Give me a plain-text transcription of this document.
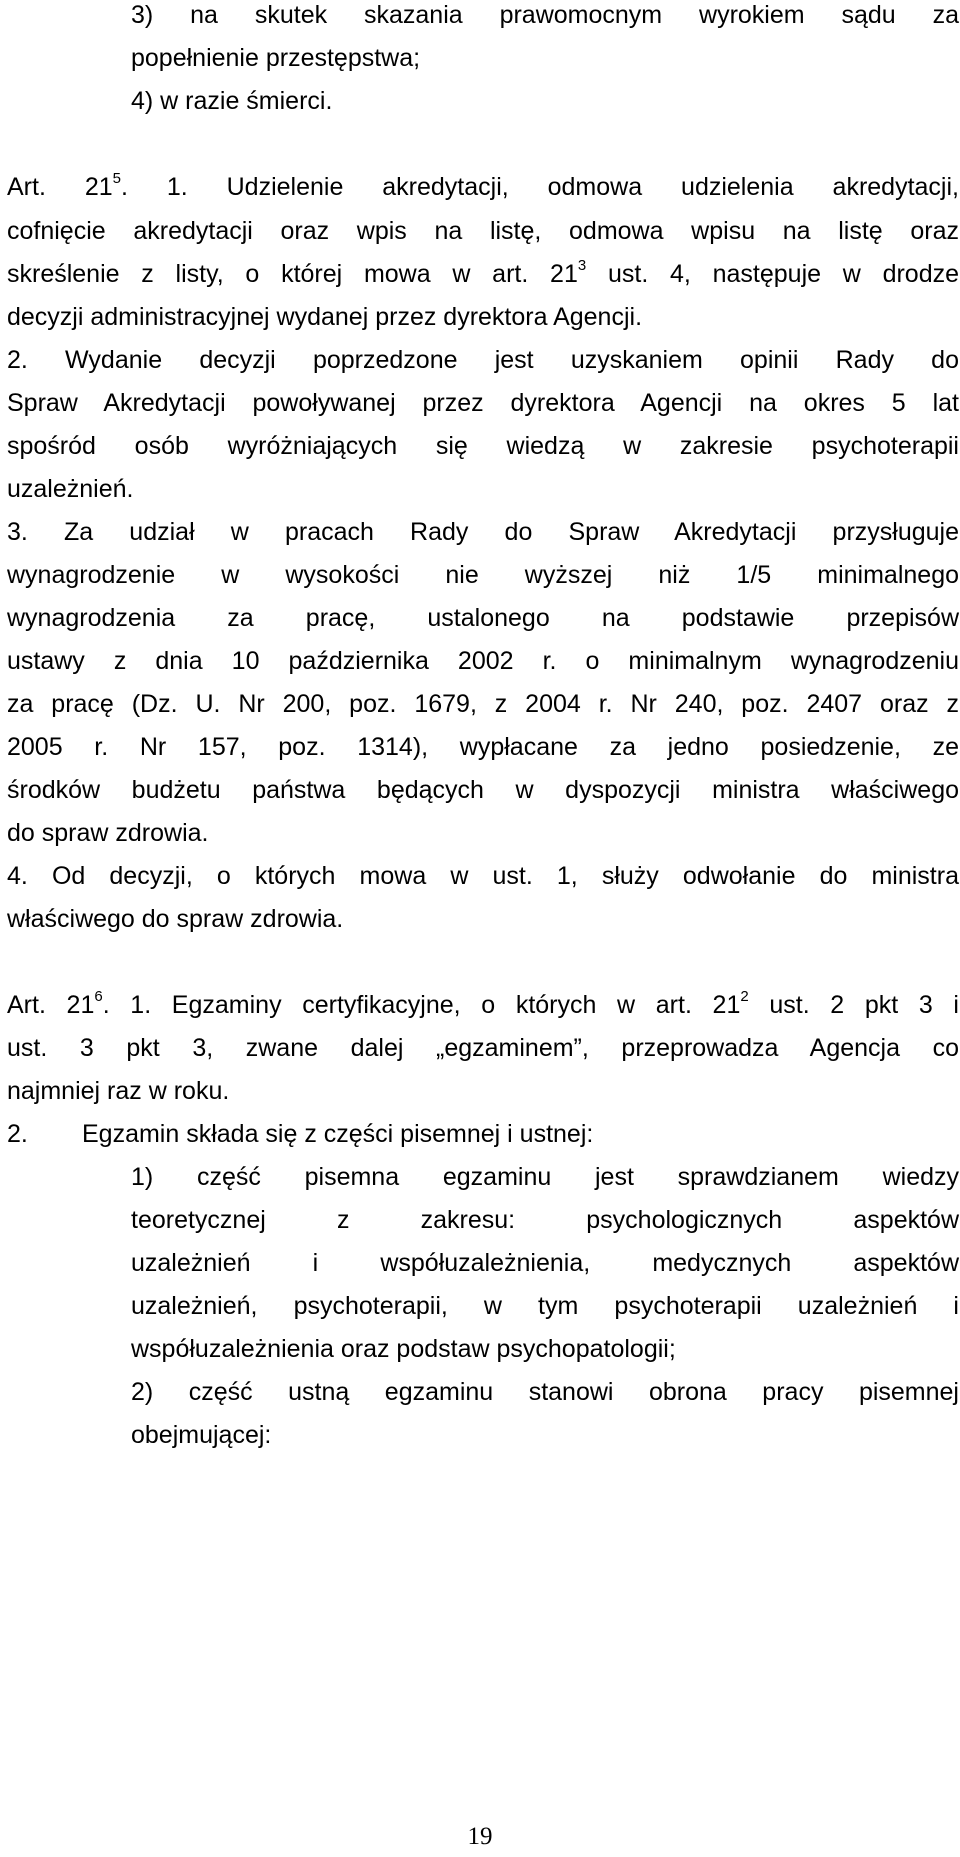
3) na skutek skazania prawomocnym wyrokiem sądu za

popełnienie przestępstwa;

4) w razie śmierci.

Art. $21^5$. 1. Udzielenie akredytacji, odmowa udzielenia akredytacji,

cofnięcie akredytacji oraz wpis na listę, odmowa wpisu na listę oraz

skreślenie z listy, o której mowa w art. $21^3$ ust. 4, następuje w drodze

decyzji administracyjnej wydanej przez dyrektora Agencji.

2. Wydanie decyzji poprzedzone jest uzyskaniem opinii Rady do

Spraw Akredytacji powoływanej przez dyrektora Agencji na okres 5 lat

spośród osób wyróżniających się wiedzą w zakresie psychoterapii

uzależnień.

3. Za udział w pracach Rady do Spraw Akredytacji przysługuje

wynagrodzenie w wysokości nie wyższej niż 1/5 minimalnego

wynagrodzenia za pracę, ustalonego na podstawie przepisów

ustawy z dnia 10 października 2002 r. o minimalnym wynagrodzeniu

za pracę (Dz. U. Nr 200, poz. 1679, z 2004 r. Nr 240, poz. 2407 oraz z

2005 r. Nr 157, poz. 1314), wypłacane za jedno posiedzenie, ze

środków budżetu państwa będących w dyspozycji ministra właściwego

do spraw zdrowia.

4. Od decyzji, o których mowa w ust. 1, służy odwołanie do ministra

właściwego do spraw zdrowia.

Art. $21^6$. 1. Egzaminy certyfikacyjne, o których w art. $21^2$ ust. 2 pkt 3 i

ust. 3 pkt 3, zwane dalej „egzaminem”, przeprowadza Agencja co

najmniej raz w roku.

2. Egzamin składa się z części pisemnej i ustnej:

1) część pisemna egzaminu jest sprawdzianem wiedzy

teoretycznej z zakresu: psychologicznych aspektów

uzależnień i współuzależnienia, medycznych aspektów

uzależnień, psychoterapii, w tym psychoterapii uzależnień i

współuzależnienia oraz podstaw psychopatologii;

2) część ustną egzaminu stanowi obrona pracy pisemnej

obejmującej:

19
